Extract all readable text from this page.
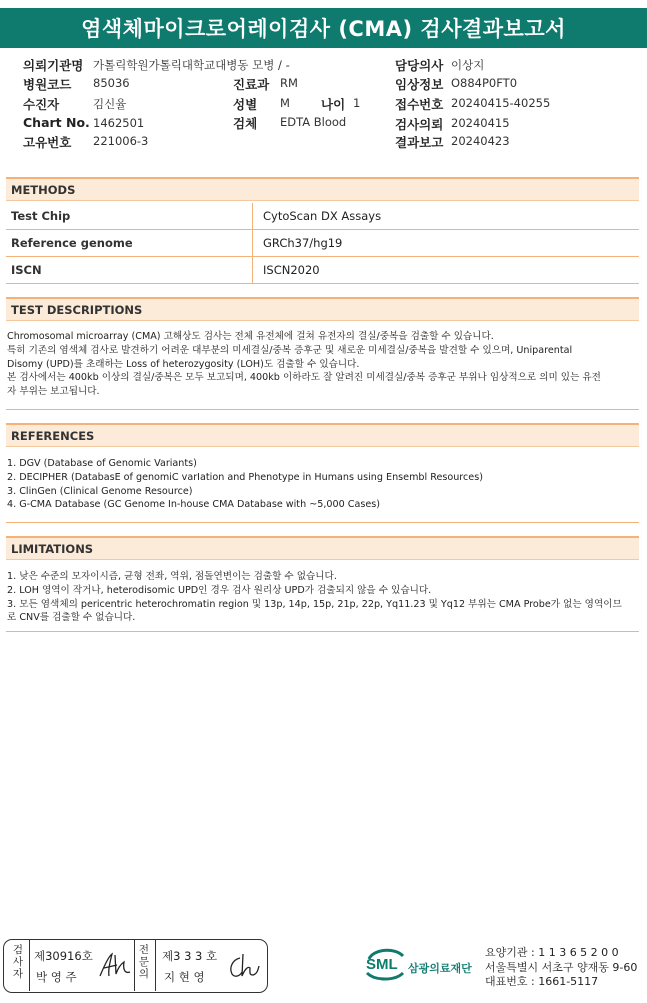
염색체마이크로어레이검사 (CMA) 검사결과보고서
의뢰기관명 가톨릭학원가톨릭대학교대병동 모병 / -
병원코드 85036
수진자	김신율
Chart No. 1462501
고유번호 221006-3
진료과 RM
성별 M 나이 1
검체 EDTA Blood
담당의사 이상지
임상정보 O884P0FT0
접수번호 20240415-40255
검사의뢰 20240415
결과보고 20240423
METHODS
Test Chip	CytoScan DX Assays
Reference genome	GRCh37/hg19
ISCN	ISCN2020
TEST DESCRIPTIONS
Chromosomal microarray (CMA) 고해상도 검사는 전체 유전체에 걸쳐 유전자의 결실/중복을 검출할 수 있습니다.
특히 기존의 염색체 검사로 발견하기 어려운 대부분의 미세결실/중복 증후군 및 새로운 미세결실/중복을 발견할 수 있으며, Uniparental
Disomy (UPD)를 초래하는 Loss of heterozygosity (LOH)도 검출할 수 있습니다.
본 검사에서는 400kb 이상의 결실/중복은 모두 보고되며, 400kb 이하라도 잘 알려진 미세결실/중복 증후군 부위나 임상적으로 의미 있는 유전
자 부위는 보고됩니다.
REFERENCES
1. DGV (Database of Genomic Variants)
2. DECIPHER (DatabasE of genomiC varIation and Phenotype in Humans using Ensembl Resources)
3. ClinGen (Clinical Genome Resource)
4. G-CMA Database (GC Genome In-house CMA Database with ~5,000 Cases)
LIMITATIONS
1. 낮은 수준의 모자이시즘, 균형 전좌, 역위, 점돌연변이는 검출할 수 없습니다.
2. LOH 영역이 작거나, heterodisomic UPD인 경우 검사 원리상 UPD가 검출되지 않을 수 있습니다.
3. 모든 염색체의 pericentric heterochromatin region 및 13p, 14p, 15p, 21p, 22p, Yq11.23 및 Yq12 부위는 CMA Probe가 없는 영역이므
로 CNV를 검출할 수 없습니다.
검사자
제30916호
박 영 주
전문의
제3 3 3 호
지 현 영
SML 삼광의료재단
요양기관 : 1 1 3 6 5 2 0 0
서울특별시 서초구 양재동 9-60
대표번호 : 1661-5117
